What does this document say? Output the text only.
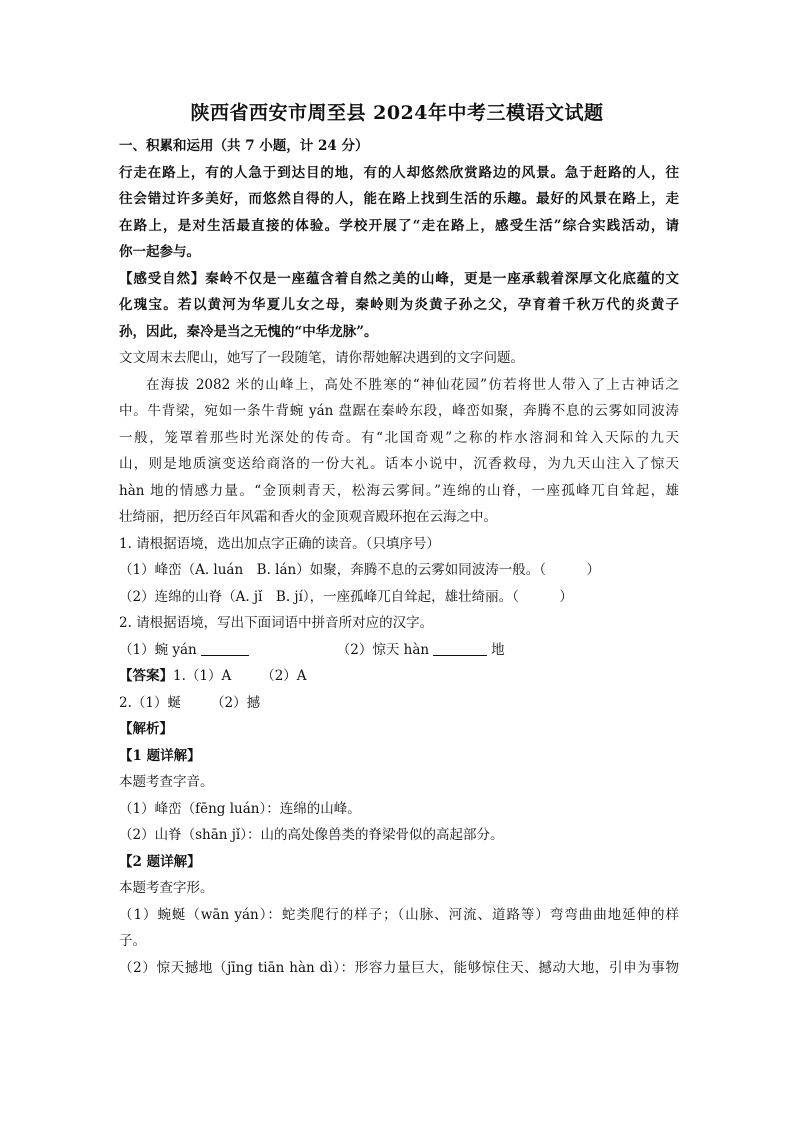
陕西省西安市周至县 2024年中考三模语文试题
一、积累和运用（共 7 小题，计 24 分）
行走在路上，有的人急于到达目的地，有的人却悠然欣赏路边的风景。急于赶路的人，往
往会错过许多美好，而悠然自得的人，能在路上找到生活的乐趣。最好的风景在路上，走
在路上，是对生活最直接的体验。学校开展了“走在路上，感受生活”综合实践活动，请
你一起参与。
【感受自然】秦岭不仅是一座蕴含着自然之美的山峰，更是一座承载着深厚文化底蕴的文
化瑰宝。若以黄河为华夏儿女之母，秦岭则为炎黄子孙之父，孕育着千秋万代的炎黄子
孙，因此，秦冷是当之无愧的“中华龙脉”。
文文周末去爬山，她写了一段随笔，请你帮她解决遇到的文字问题。
在海拔 2082 米的山峰上，高处不胜寒的“神仙花园”仿若将世人带入了上古神话之
中。牛背梁，宛如一条牛背蜿 yán 盘踞在秦岭东段，峰峦如聚，奔腾不息的云雾如同波涛
一般，笼罩着那些时光深处的传奇。有“北国奇观”之称的柞水溶洞和耸入天际的九天
山，则是地质演变送给商洛的一份大礼。话本小说中，沉香救母，为九天山注入了惊天
hàn 地的情感力量。“金顶刺青天，松海云雾间。”连绵的山脊，一座孤峰兀自耸起，雄
壮绮丽，把历经百年风霜和香火的金顶观音殿环抱在云海之中。
1. 请根据语境，选出加点字正确的读音。（只填序号）
（1）峰峦（A. luán　B. lán）如聚，奔腾不息的云雾如同波涛一般。（　　　）
（2）连绵的山脊（A. jǐ　B. jí），一座孤峰兀自耸起，雄壮绮丽。（　　　）
2. 请根据语境，写出下面词语中拼音所对应的汉字。
（1）蜿 yán	（2）惊天 hàn	地
【答案】1.（1）A （2）A
2.（1）蜒 （2）撼
【解析】
【1 题详解】
本题考查字音。
（1）峰峦（fēng luán）：连绵的山峰。
（2）山脊（shān jǐ）：山的高处像兽类的脊梁骨似的高起部分。
【2 题详解】
本题考查字形。
（1）蜿蜒（wān yán）：蛇类爬行的样子；（山脉、河流、道路等）弯弯曲曲地延伸的样
子。
（2）惊天撼地（jīng tiān hàn dì）：形容力量巨大，能够惊住天、撼动大地，引申为事物
